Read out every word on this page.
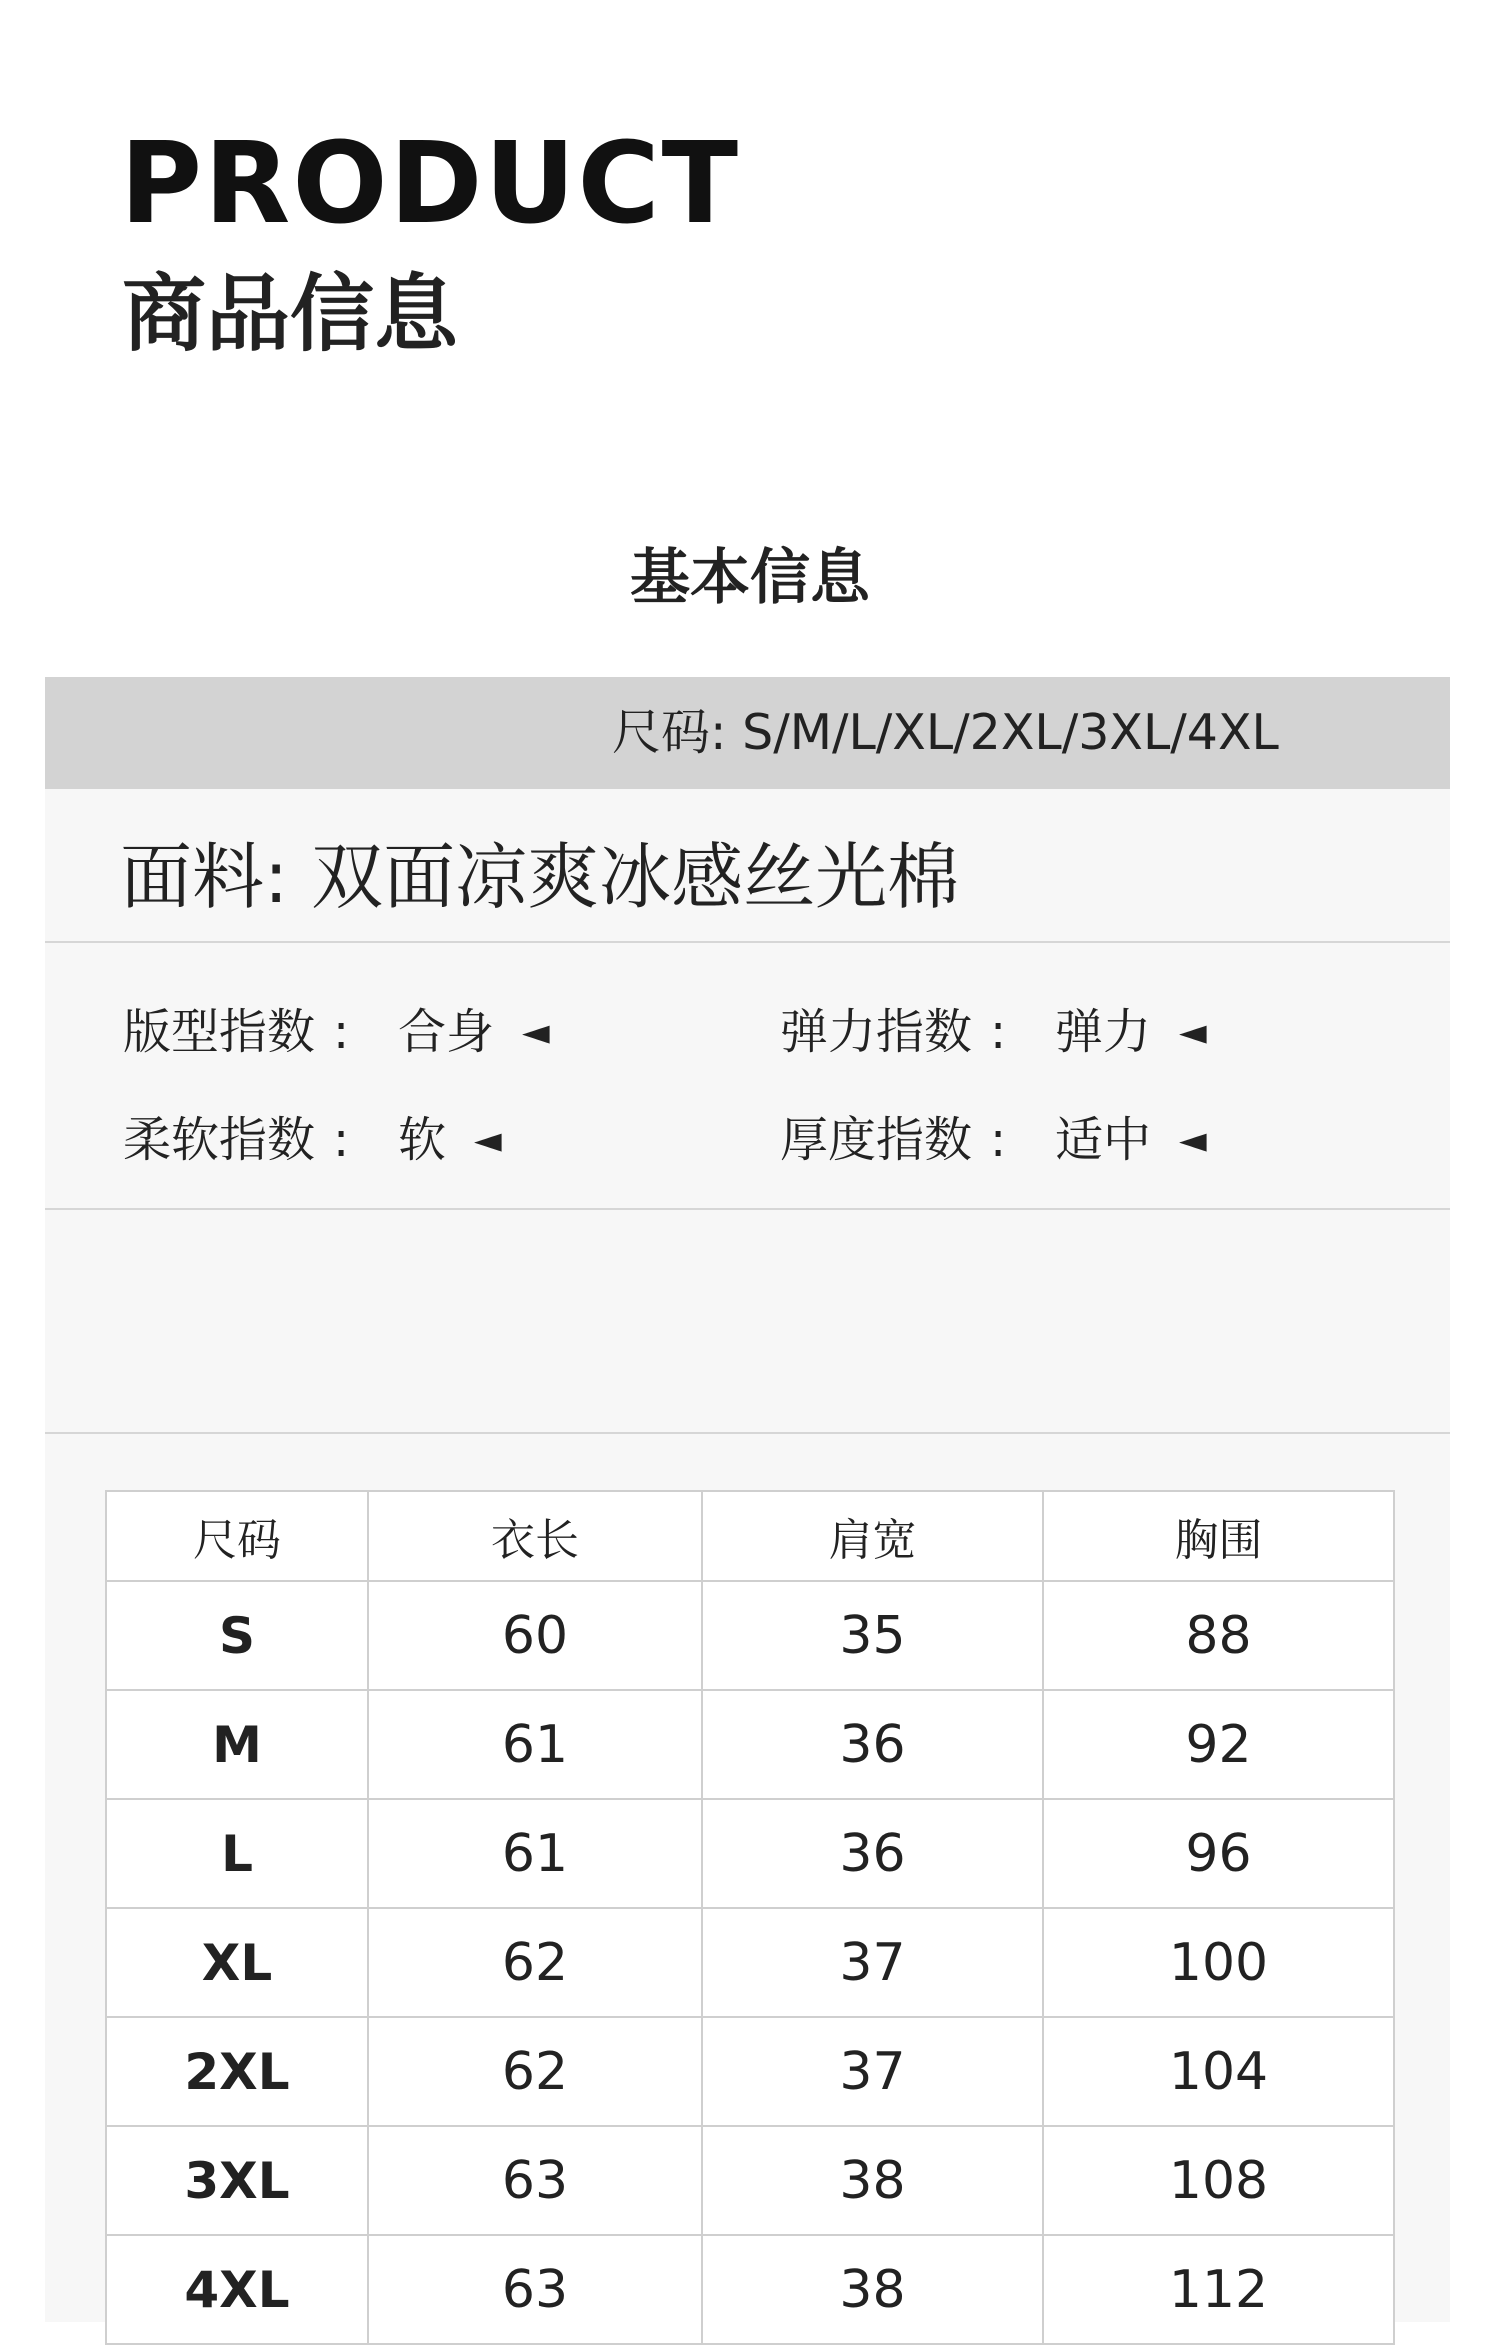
PRODUCT
商品信息
基本信息
尺码: S/M/L/XL/2XL/3XL/4XL
面料: 双面凉爽冰感丝光棉
版型指数 : 合身 ◄	弹力指数 : 弹力 ◄
柔软指数 : 软 ◄	厚度指数 : 适中 ◄
尺码	衣长	肩宽	胸围
S	60	35	88
M	61	36	92
L	61	36	96
XL	62	37	100
2XL	62	37	104
3XL	63	38	108
4XL	63	38	112
